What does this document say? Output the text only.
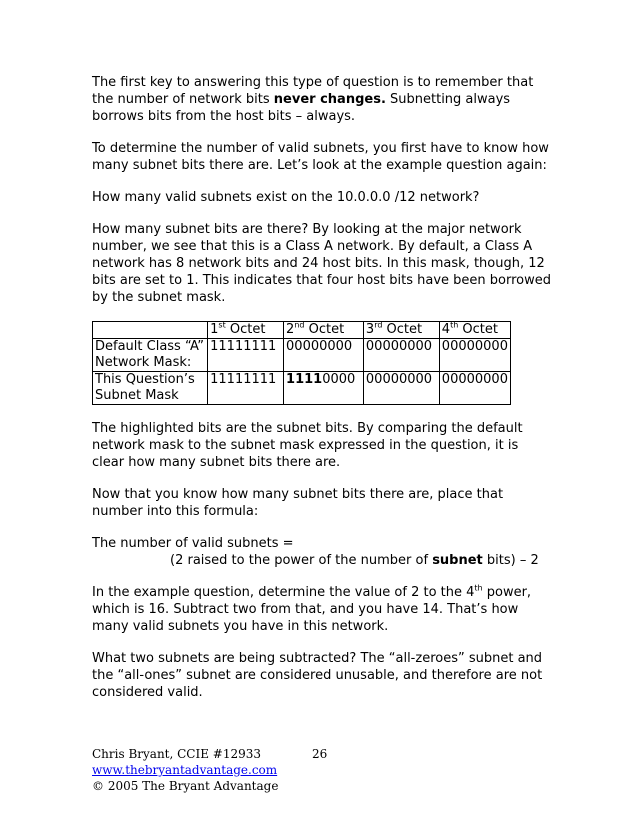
The first key to answering this type of question is to remember that the number of network bits never changes. Subnetting always borrows bits from the host bits – always.

To determine the number of valid subnets, you first have to know how many subnet bits there are. Let’s look at the example question again:

How many valid subnets exist on the 10.0.0.0 /12 network?

How many subnet bits are there? By looking at the major network number, we see that this is a Class A network. By default, a Class A network has 8 network bits and 24 host bits. In this mask, though, 12 bits are set to 1. This indicates that four host bits have been borrowed by the subnet mask.

	1st Octet	2nd Octet	3rd Octet	4th Octet
Default Class “A” Network Mask:	11111111	00000000	00000000	00000000
This Question’s Subnet Mask	11111111	11110000	00000000	00000000

The highlighted bits are the subnet bits. By comparing the default network mask to the subnet mask expressed in the question, it is clear how many subnet bits there are.

Now that you know how many subnet bits there are, place that number into this formula:

The number of valid subnets =
(2 raised to the power of the number of subnet bits) – 2

In the example question, determine the value of 2 to the 4th power, which is 16. Subtract two from that, and you have 14. That’s how many valid subnets you have in this network.

What two subnets are being subtracted? The “all-zeroes” subnet and the “all-ones” subnet are considered unusable, and therefore are not considered valid.

Chris Bryant, CCIE #12933
www.thebryantadvantage.com
© 2005 The Bryant Advantage
26
